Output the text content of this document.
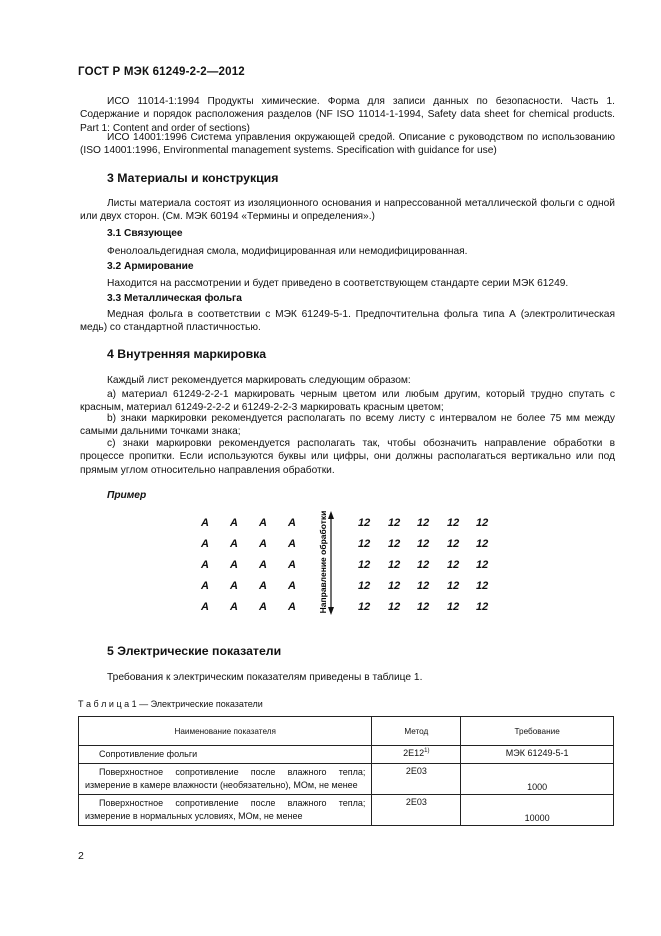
ГОСТ Р МЭК 61249-2-2—2012
ИСО 11014-1:1994 Продукты химические. Форма для записи данных по безопасности. Часть 1. Содержание и порядок расположения разделов (NF ISO 11014-1-1994, Safety data sheet for chemical products. Part 1: Content and order of sections)
ИСО 14001:1996 Система управления окружающей средой. Описание с руководством по использованию (ISO 14001:1996, Environmental management systems. Specification with guidance for use)
3 Материалы и конструкция
Листы материала состоят из изоляционного основания и напрессованной металлической фольги с одной или двух сторон. (См. МЭК 60194 «Термины и определения».)
3.1 Связующее
Фенолоальдегидная смола, модифицированная или немодифицированная.
3.2 Армирование
Находится на рассмотрении и будет приведено в соответствующем стандарте серии МЭК 61249.
3.3 Металлическая фольга
Медная фольга в соответствии с МЭК 61249-5-1. Предпочтительна фольга типа А (электролитическая медь) со стандартной пластичностью.
4 Внутренняя маркировка
Каждый лист рекомендуется маркировать следующим образом:
а) материал 61249-2-2-1 маркировать черным цветом или любым другим, который трудно спутать с красным, материал 61249-2-2-2 и 61249-2-2-3 маркировать красным цветом;
b) знаки маркировки рекомендуется располагать по всему листу с интервалом не более 75 мм между самыми дальними точками знака;
с) знаки маркировки рекомендуется располагать так, чтобы обозначить направление обработки в процессе пропитки. Если используются буквы или цифры, они должны располагаться вертикально или под прямым углом относительно направления обработки.
Пример
A A A A
A A A A
A A A A
A A A A
A A A A
12 12 12 12 12
12 12 12 12 12
12 12 12 12 12
12 12 12 12 12
12 12 12 12 12
Направление обработки
5 Электрические показатели
Требования к электрическим показателям приведены в таблице 1.
Т а б л и ц а 1 — Электрические показатели
Наименование показателя	Метод	Требование
Сопротивление фольги	2E12$^{1)}$	МЭК 61249-5-1
Поверхностное сопротивление после влажного тепла; измерение в камере влажности (необязательно), МОм, не менее	2E03	1000
Поверхностное сопротивление после влажного тепла; измерение в нормальных условиях, МОм, не менее	2E03	10000
2
